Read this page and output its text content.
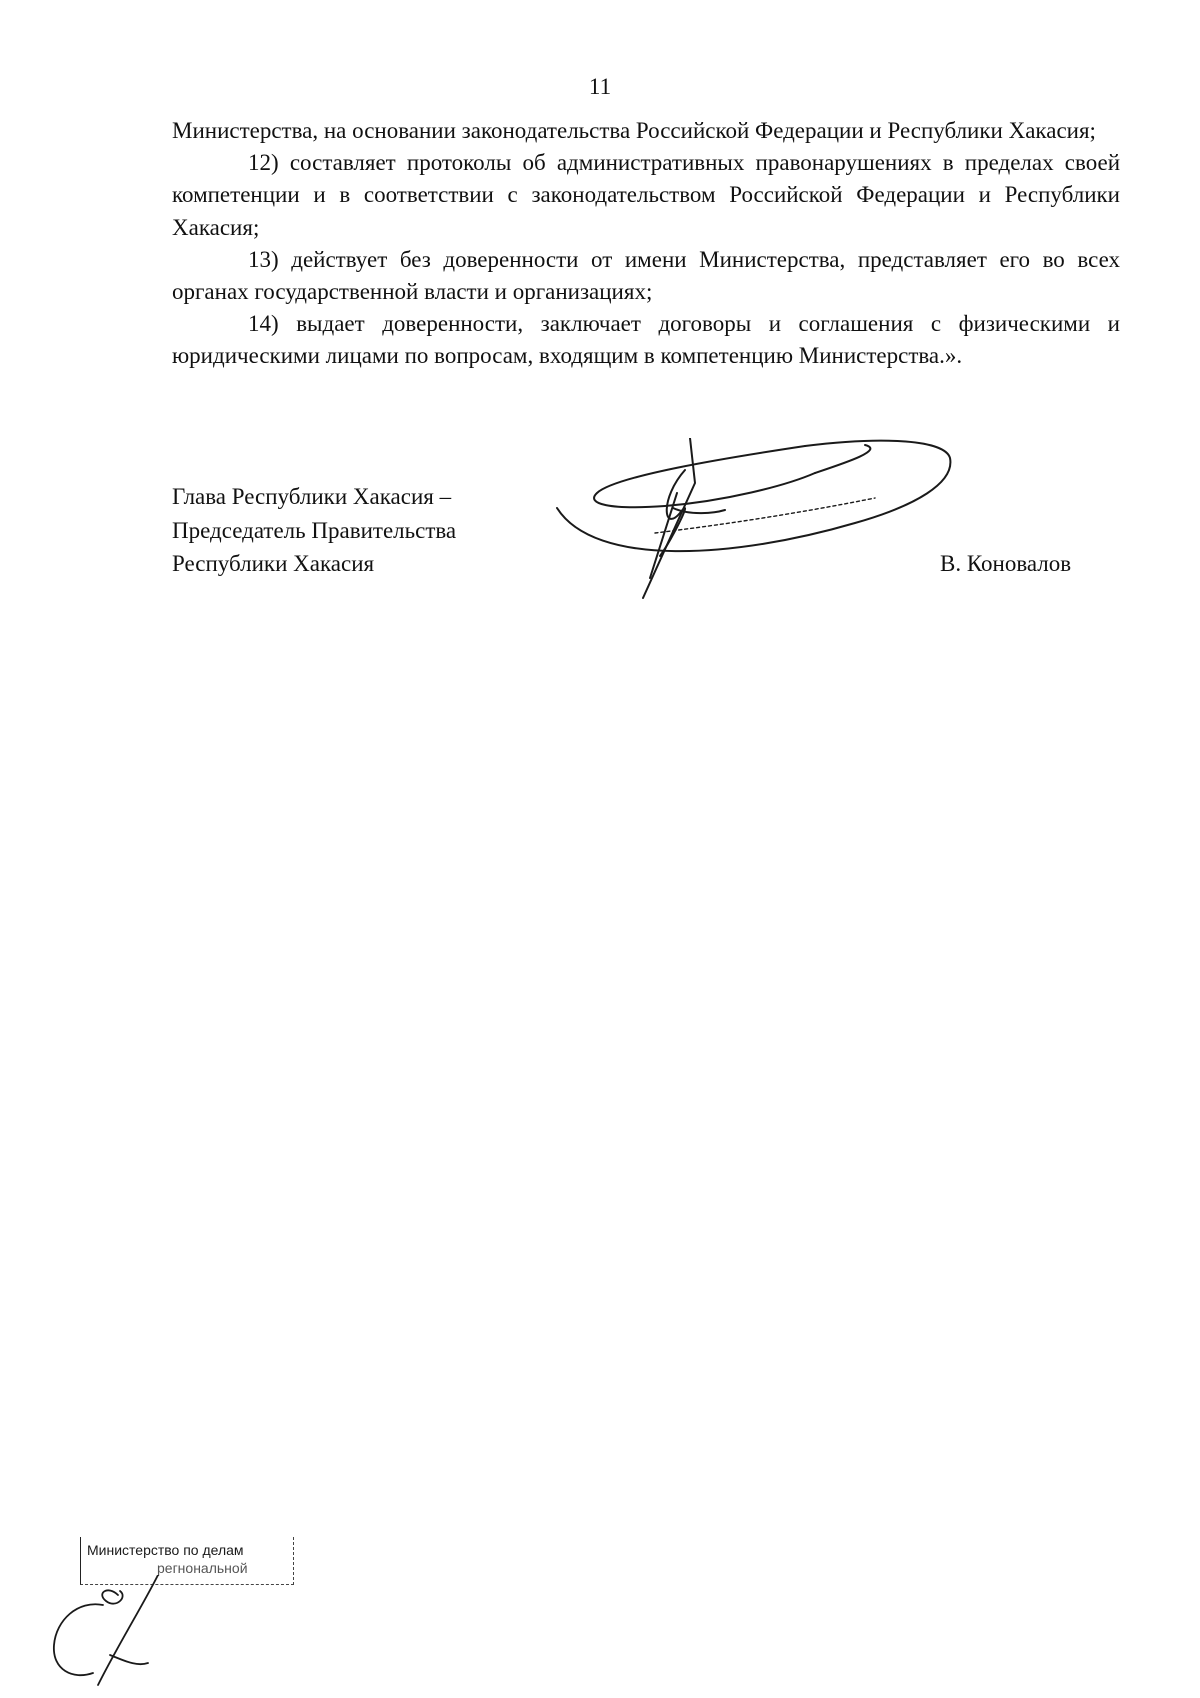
11

Министерства, на основании законодательства Российской Федерации и Республики Хакасия;

12) составляет протоколы об административных правонарушениях в пределах своей компетенции и в соответствии с законодательством Российской Федерации и Республики Хакасия;

13) действует без доверенности от имени Министерства, представляет его во всех органах государственной власти и организациях;

14) выдает доверенности, заключает договоры и соглашения с физическими и юридическими лицами по вопросам, входящим в компетенцию Министерства.».

Глава Республики Хакасия –
Председатель Правительства
Республики Хакасия	В. Коновалов
Министерство по делам
регнональной
